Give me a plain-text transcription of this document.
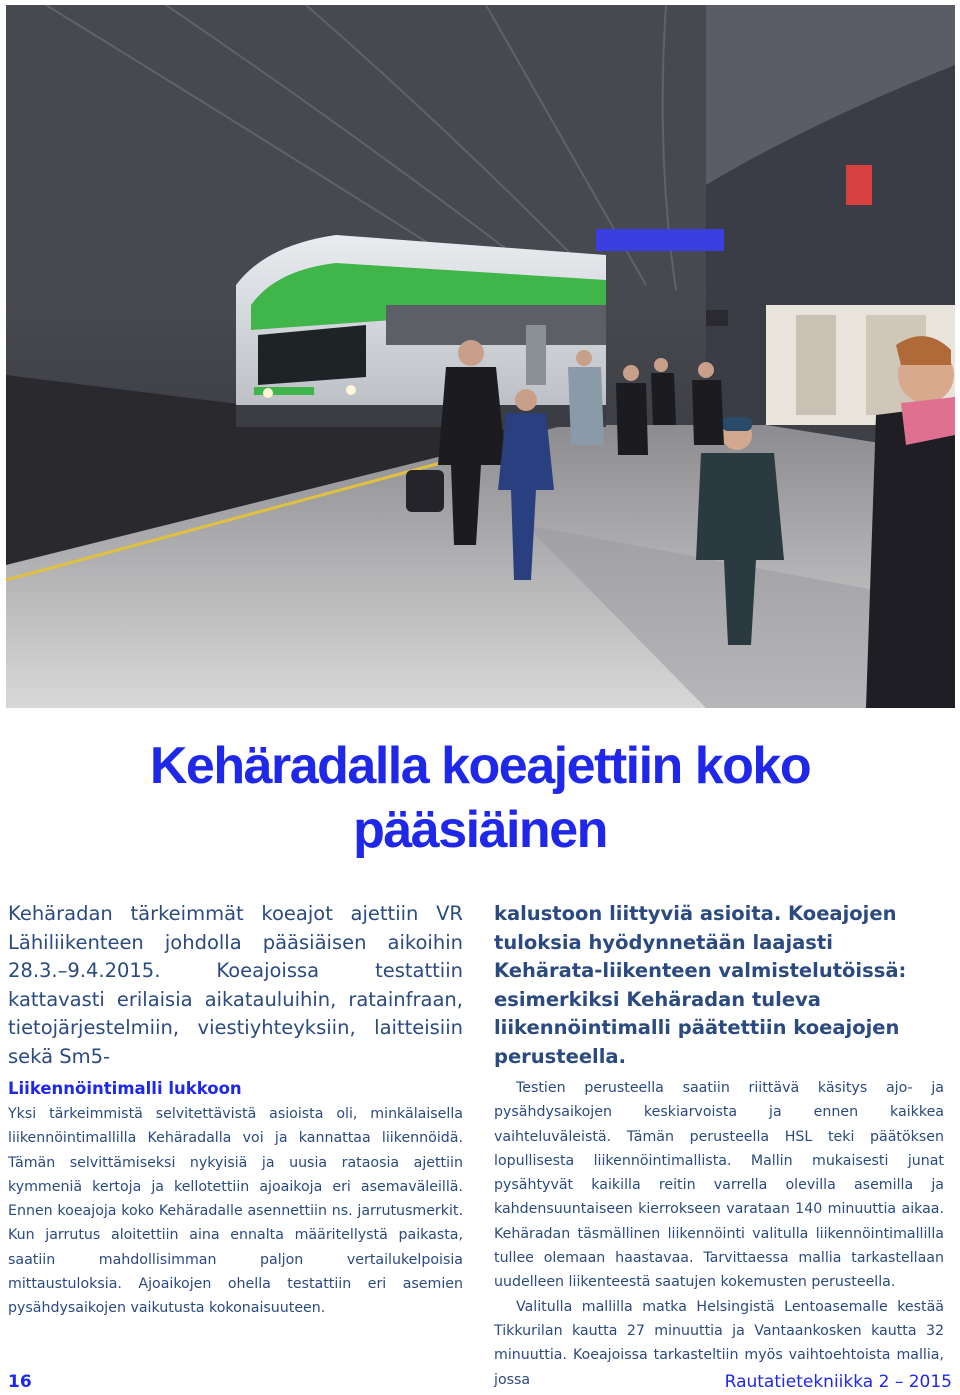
Kehäradalla koeajettiin koko
pääsiäinen

Kehäradan tärkeimmät koeajot ajettiin VR Lähiliikenteen johdolla pääsiäisen aikoihin 28.3.–9.4.2015. Koeajoissa testattiin kattavasti erilaisia aikatauluihin, ratainfraan, tietojärjestelmiin, viestiyhteyksiin, laitteisiin sekä Sm5-

kalustoon liittyviä asioita. Koeajojen tuloksia hyödynnetään laajasti Kehärata-liikenteen valmistelutöissä: esimerkiksi Kehäradan tuleva liikennöintimalli päätettiin koeajojen perusteella.

Liikennöintimalli lukkoon

Yksi tärkeimmistä selvitettävistä asioista oli, minkälaisella liikennöintimallilla Kehäradalla voi ja kannattaa liikennöidä. Tämän selvittämiseksi nykyisiä ja uusia rataosia ajettiin kymmeniä kertoja ja kellotettiin ajoaikoja eri asemaväleillä. Ennen koeajoja koko Kehäradalle asennettiin ns. jarrutusmerkit. Kun jarrutus aloitettiin aina ennalta määritellystä paikasta, saatiin mahdollisimman paljon vertailukelpoisia mittaustuloksia. Ajoaikojen ohella testattiin eri asemien pysähdysaikojen vaikutusta kokonaisuuteen.

Testien perusteella saatiin riittävä käsitys ajo- ja pysähdysaikojen keskiarvoista ja ennen kaikkea vaihteluväleistä. Tämän perusteella HSL teki päätöksen lopullisesta liikennöintimallista. Mallin mukaisesti junat pysähtyvät kaikilla reitin varrella olevilla asemilla ja kahdensuuntaiseen kierrokseen varataan 140 minuuttia aikaa. Kehäradan täsmällinen liikennöinti valitulla liikennöintimallilla tullee olemaan haastavaa. Tarvittaessa mallia tarkastellaan uudelleen liikenteestä saatujen kokemusten perusteella.

Valitulla mallilla matka Helsingistä Lentoasemalle kestää Tikkurilan kautta 27 minuuttia ja Vantaankosken kautta 32 minuuttia. Koeajoissa tarkasteltiin myös vaihtoehtoista mallia, jossa

16	Rautatietekniikka 2 – 2015
